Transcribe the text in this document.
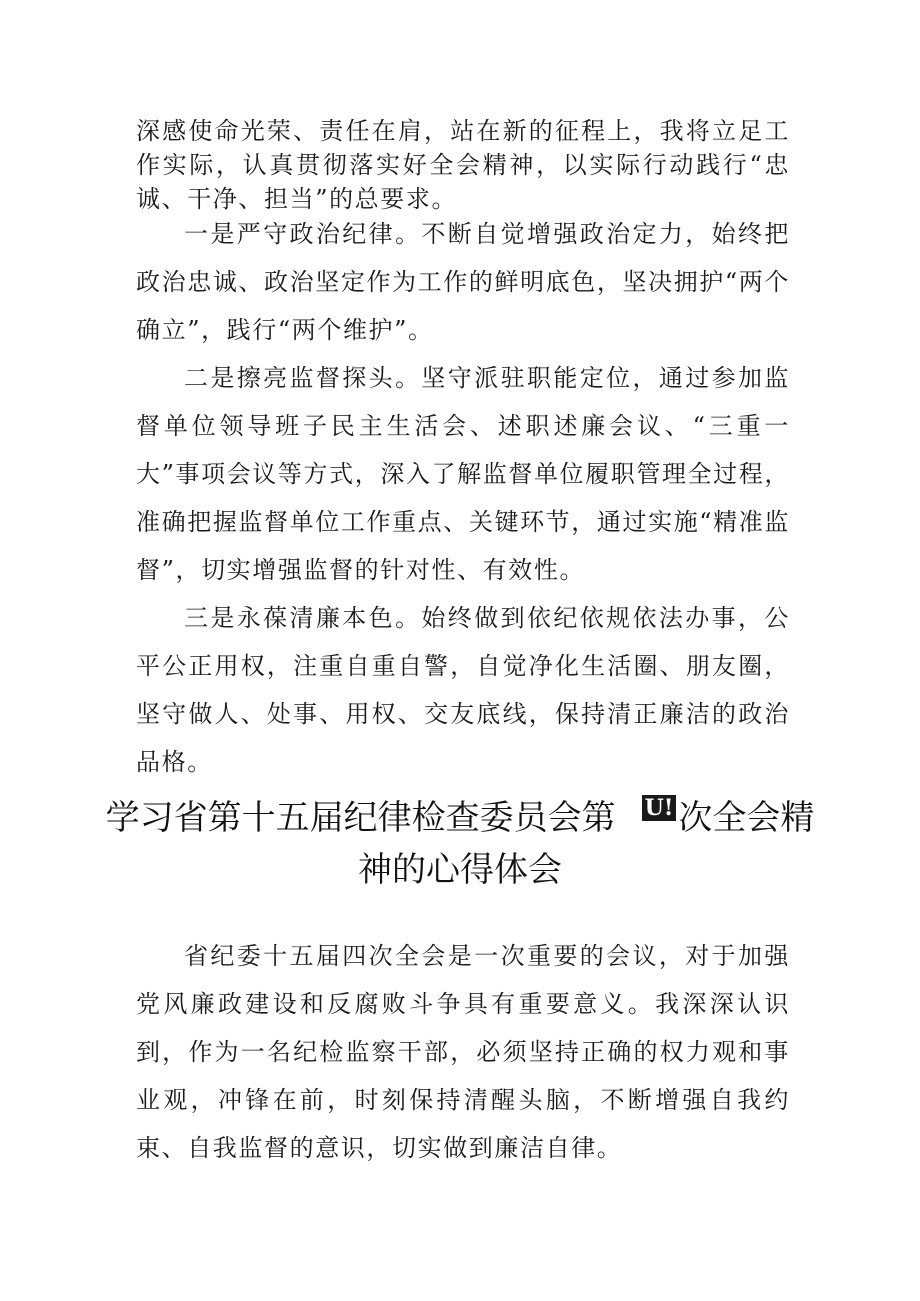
深感使命光荣、责任在肩，站在新的征程上，我将立足工作实际，认真贯彻落实好全会精神，以实际行动践行“忠诚、干净、担当”的总要求。

一是严守政治纪律。不断自觉增强政治定力，始终把政治忠诚、政治坚定作为工作的鲜明底色，坚决拥护“两个确立”，践行“两个维护”。

二是擦亮监督探头。坚守派驻职能定位，通过参加监督单位领导班子民主生活会、述职述廉会议、“三重一大”事项会议等方式，深入了解监督单位履职管理全过程，准确把握监督单位工作重点、关键环节，通过实施“精准监督”，切实增强监督的针对性、有效性。

三是永葆清廉本色。始终做到依纪依规依法办事，公平公正用权，注重自重自警，自觉净化生活圈、朋友圈，坚守做人、处事、用权、交友底线，保持清正廉洁的政治品格。

学习省第十五届纪律检查委员会第 U! 次全会精神的心得体会

省纪委十五届四次全会是一次重要的会议，对于加强党风廉政建设和反腐败斗争具有重要意义。我深深认识到，作为一名纪检监察干部，必须坚持正确的权力观和事业观，冲锋在前，时刻保持清醒头脑，不断增强自我约束、自我监督的意识，切实做到廉洁自律。
